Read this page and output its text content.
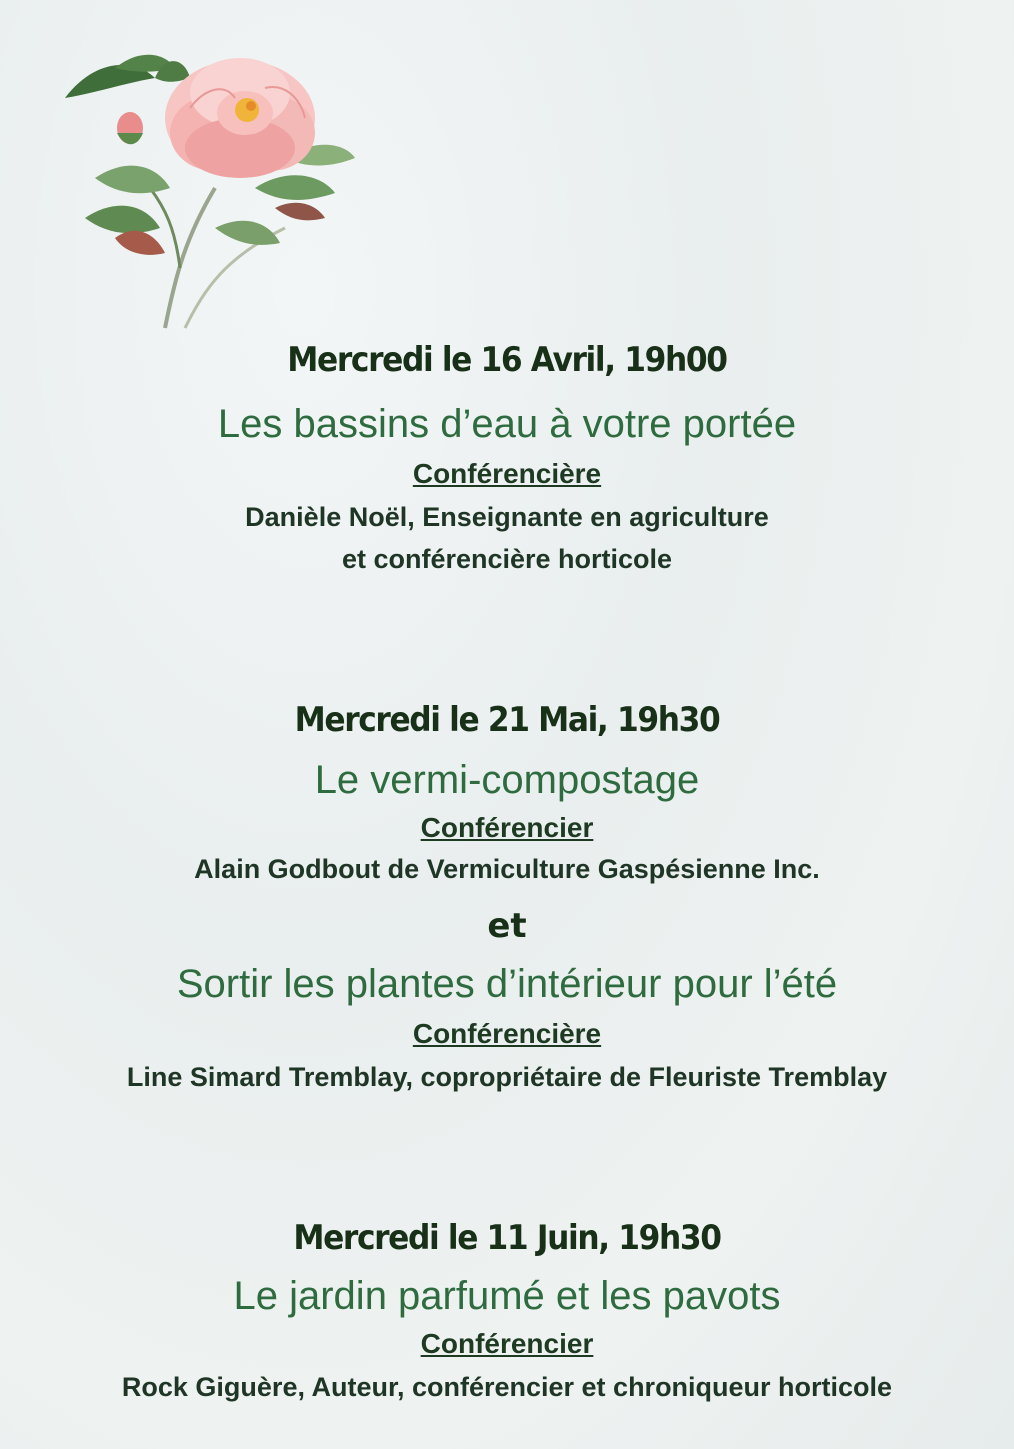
Mercredi le 16 Avril, 19h00
Les bassins d’eau à votre portée
Conférencière
Danièle Noël, Enseignante en agriculture
et conférencière horticole
Mercredi le 21 Mai, 19h30
Le vermi-compostage
Conférencier
Alain Godbout de Vermiculture Gaspésienne Inc.
et
Sortir les plantes d’intérieur pour l’été
Conférencière
Line Simard Tremblay, copropriétaire de Fleuriste Tremblay
Mercredi le 11 Juin, 19h30
Le jardin parfumé et les pavots
Conférencier
Rock Giguère, Auteur, conférencier et chroniqueur horticole
